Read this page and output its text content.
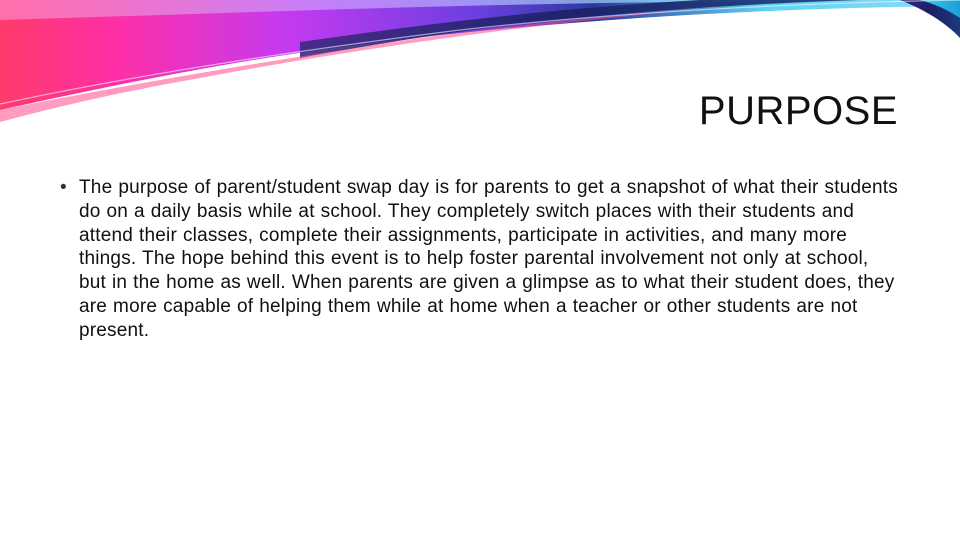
PURPOSE
• The purpose of parent/student swap day is for parents to get a snapshot of what their students do on a daily basis while at school. They completely switch places with their students and attend their classes, complete their assignments, participate in activities, and many more things. The hope behind this event is to help foster parental involvement not only at school, but in the home as well. When parents are given a glimpse as to what their student does, they are more capable of helping them while at home when a teacher or other students are not present.
